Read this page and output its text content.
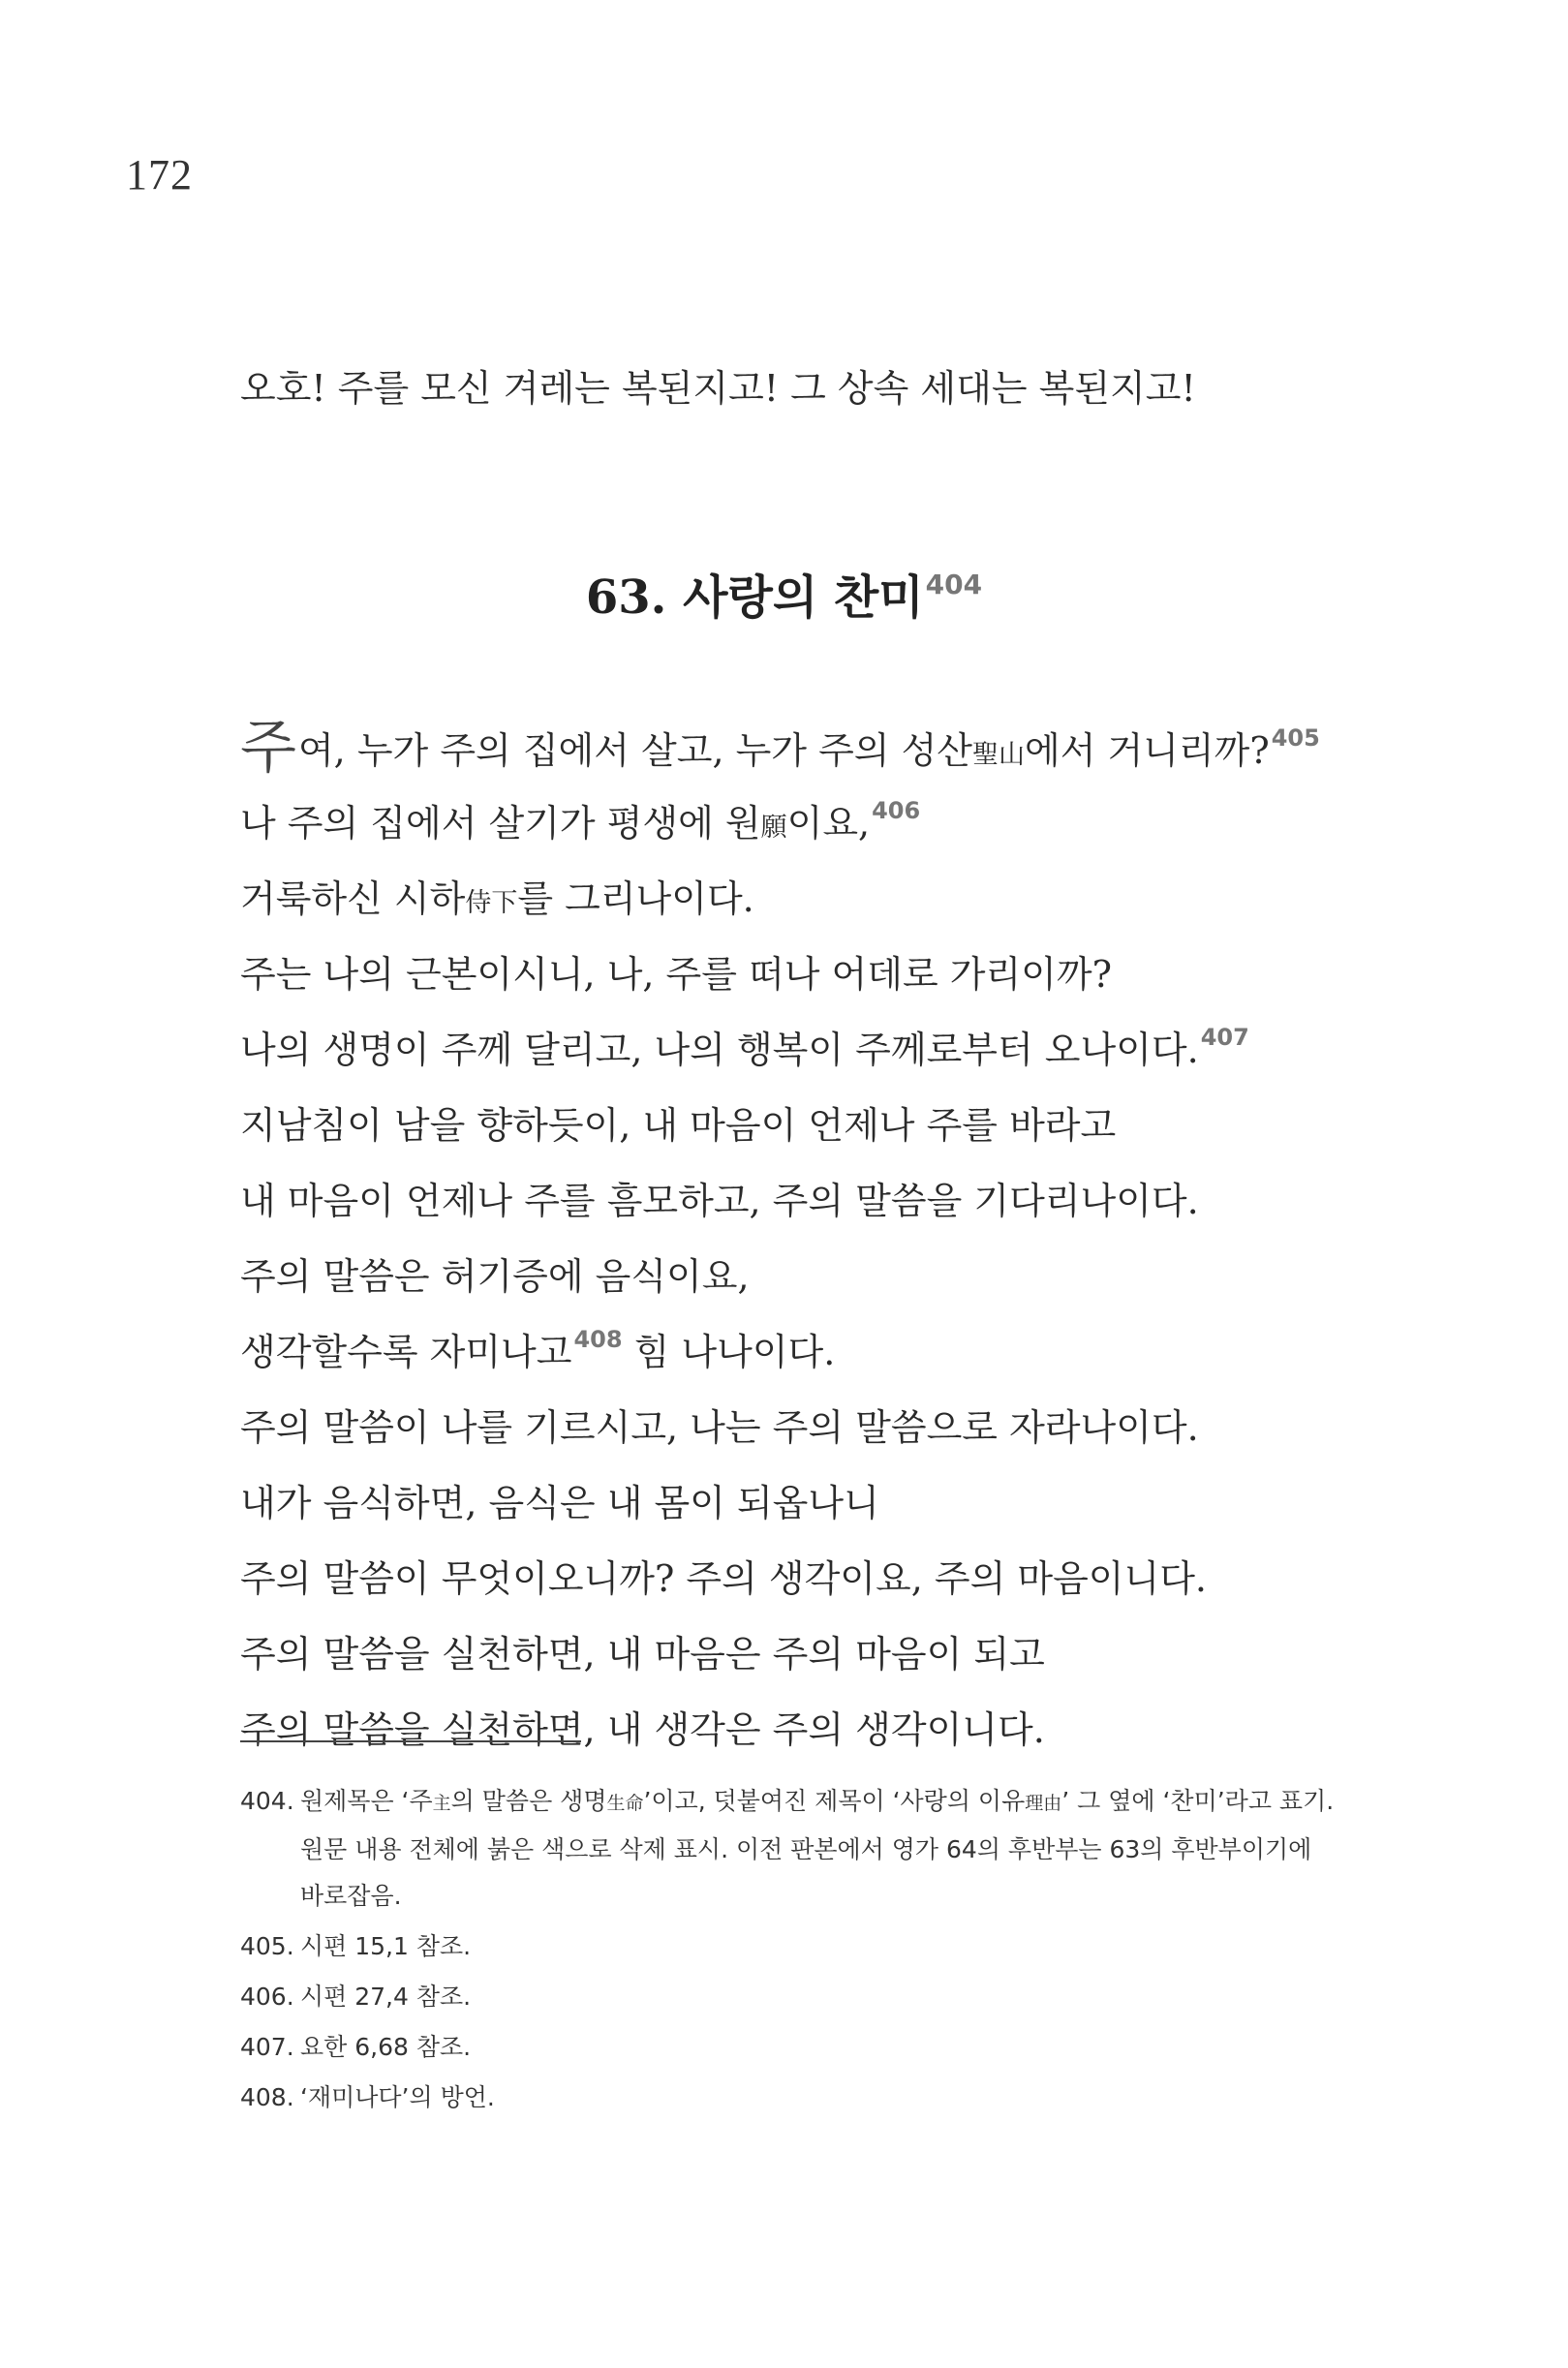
172
오호! 주를 모신 겨레는 복된지고! 그 상속 세대는 복된지고!
63. 사랑의 찬미$^{404}$
주여, 누가 주의 집에서 살고, 누가 주의 성산聖山에서 거니리까?$^{405}$
나 주의 집에서 살기가 평생에 원願이요,$^{406}$
거룩하신 시하侍下를 그리나이다.
주는 나의 근본이시니, 나, 주를 떠나 어데로 가리이까?
나의 생명이 주께 달리고, 나의 행복이 주께로부터 오나이다.$^{407}$
지남침이 남을 향하듯이, 내 마음이 언제나 주를 바라고
내 마음이 언제나 주를 흠모하고, 주의 말씀을 기다리나이다.
주의 말씀은 허기증에 음식이요,
생각할수록 자미나고$^{408}$ 힘 나나이다.
주의 말씀이 나를 기르시고, 나는 주의 말씀으로 자라나이다.
내가 음식하면, 음식은 내 몸이 되옵나니
주의 말씀이 무엇이오니까? 주의 생각이요, 주의 마음이니다.
주의 말씀을 실천하면, 내 마음은 주의 마음이 되고
주의 말씀을 실천하면, 내 생각은 주의 생각이니다.
404. 원제목은 ‘주主의 말씀은 생명生命’이고, 덧붙여진 제목이 ‘사랑의 이유理由’ 그 옆에 ‘찬미’라고 표기. 원문 내용 전체에 붉은 색으로 삭제 표시. 이전 판본에서 영가 64의 후반부는 63의 후반부이기에 바로잡음.
405. 시편 15,1 참조.
406. 시편 27,4 참조.
407. 요한 6,68 참조.
408. ‘재미나다’의 방언.
